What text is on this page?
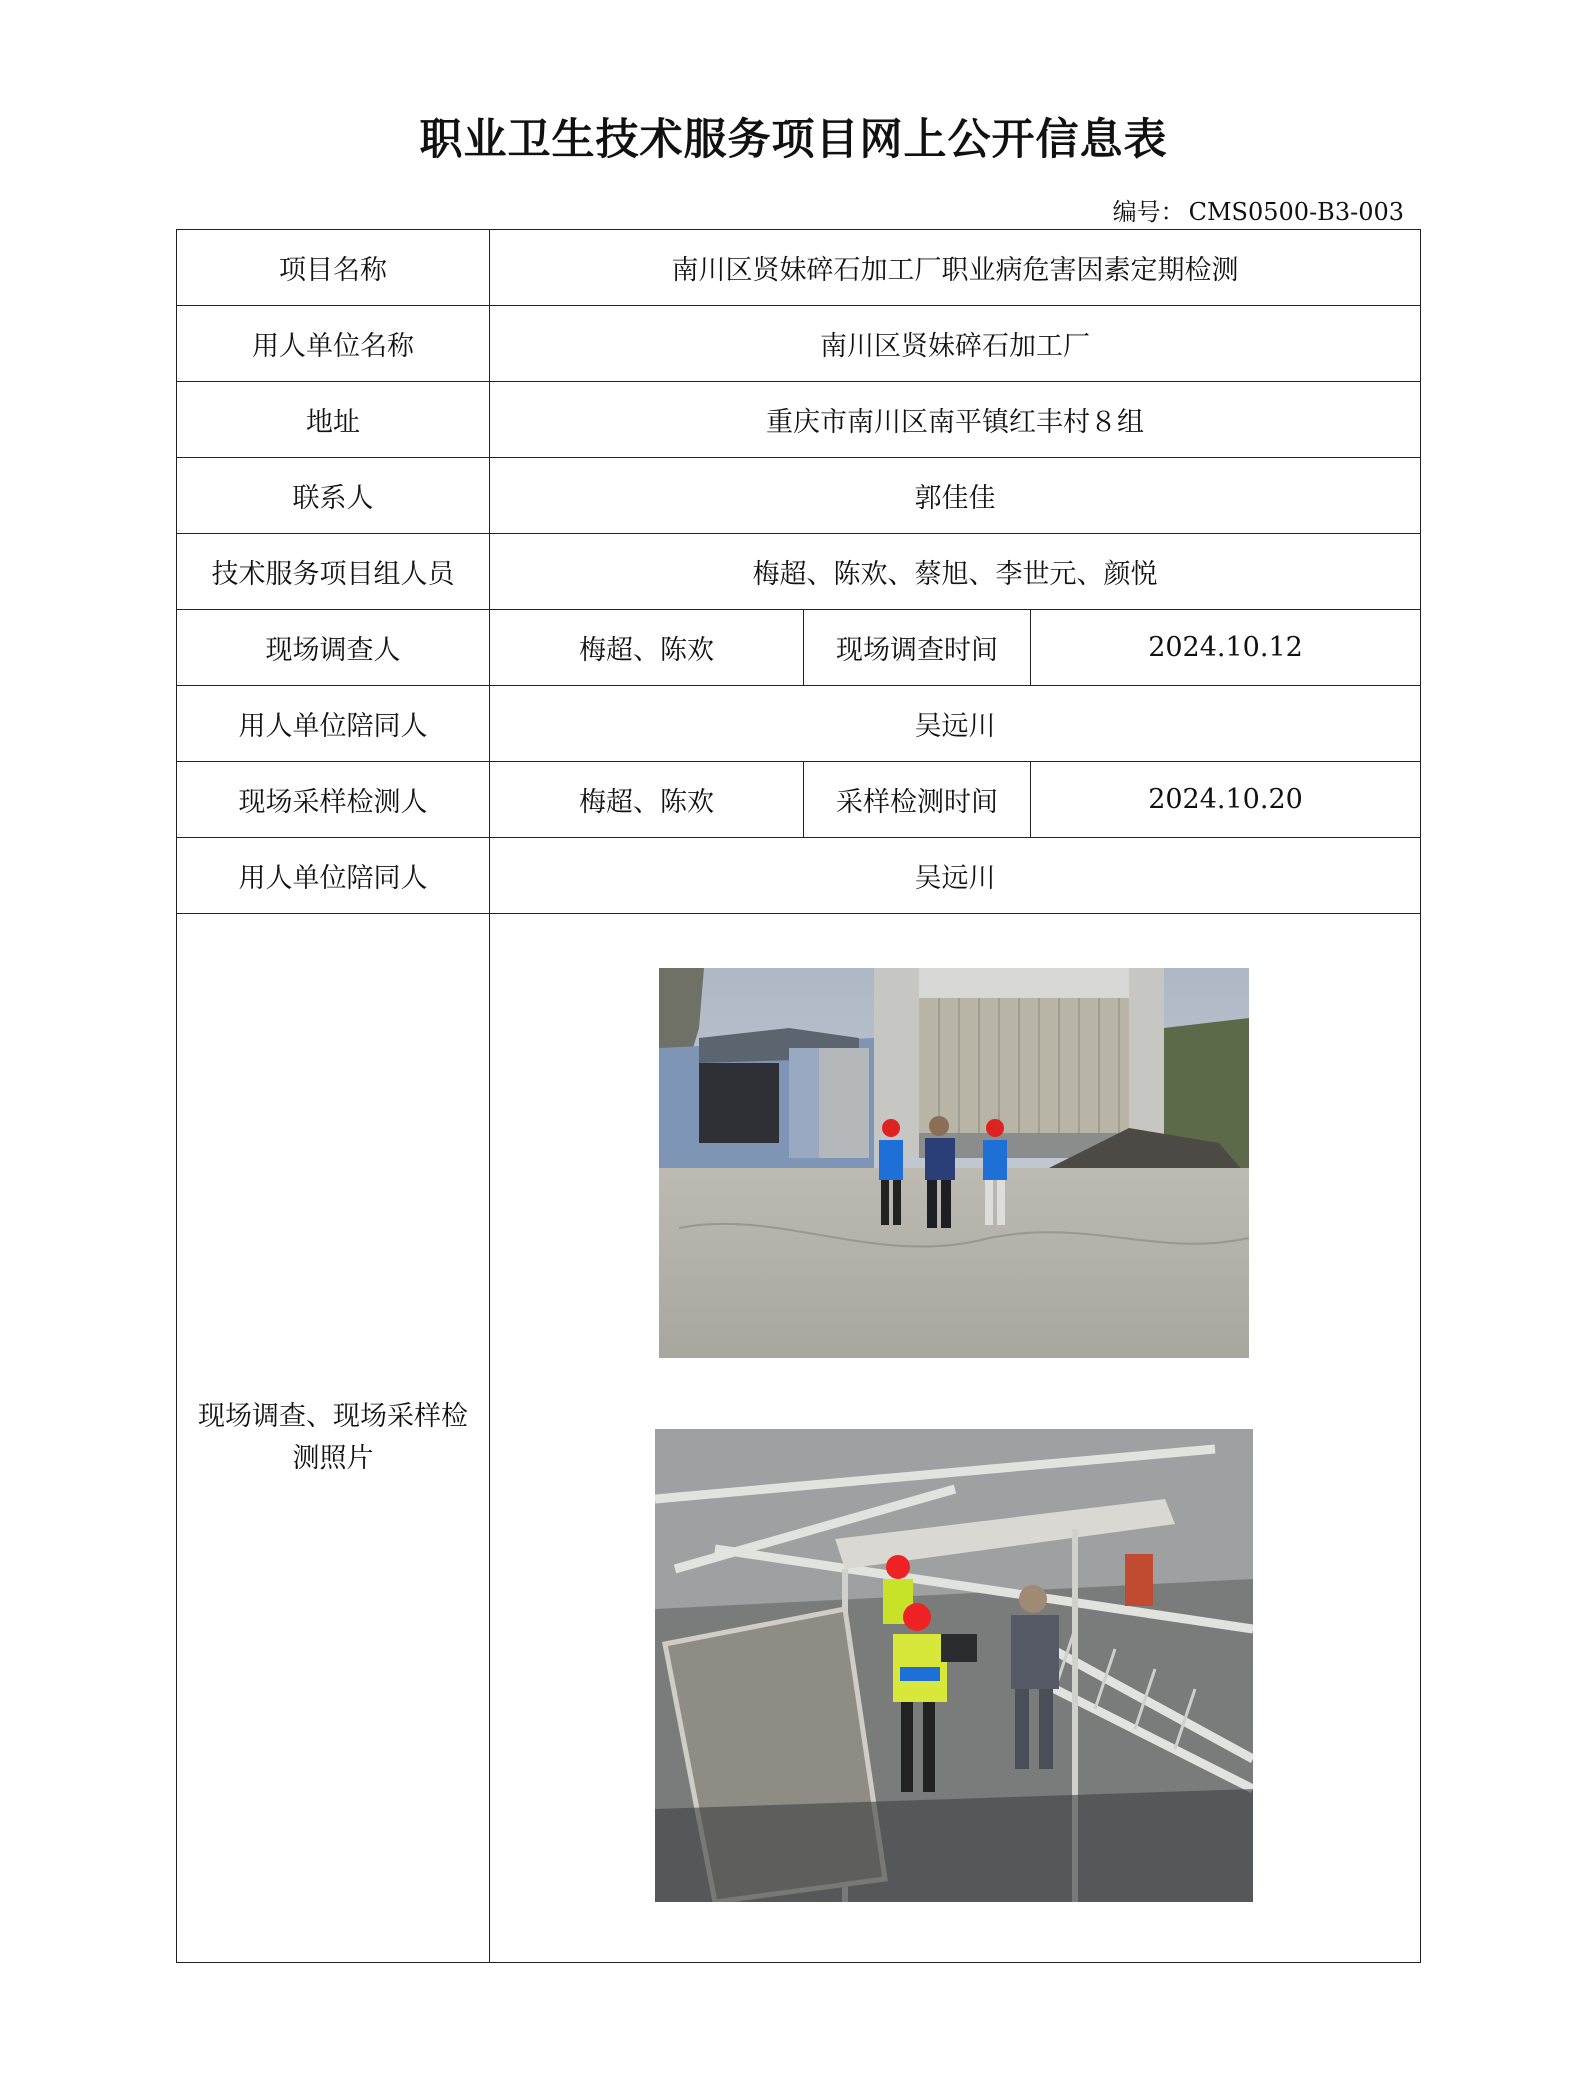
职业卫生技术服务项目网上公开信息表
编号： CMS0500-B3-003
项目名称	南川区贤妹碎石加工厂职业病危害因素定期检测		
用人单位名称	南川区贤妹碎石加工厂		
地址	重庆市南川区南平镇红丰村８组		
联系人	郭佳佳		
技术服务项目组人员	梅超、陈欢、蔡旭、李世元、颜悦		
现场调查人	梅超、陈欢	现场调查时间	2024.10.12
用人单位陪同人	吴远川		
现场采样检测人	梅超、陈欢	采样检测时间	2024.10.20
用人单位陪同人	吴远川		
现场调查、现场采样检测照片	
